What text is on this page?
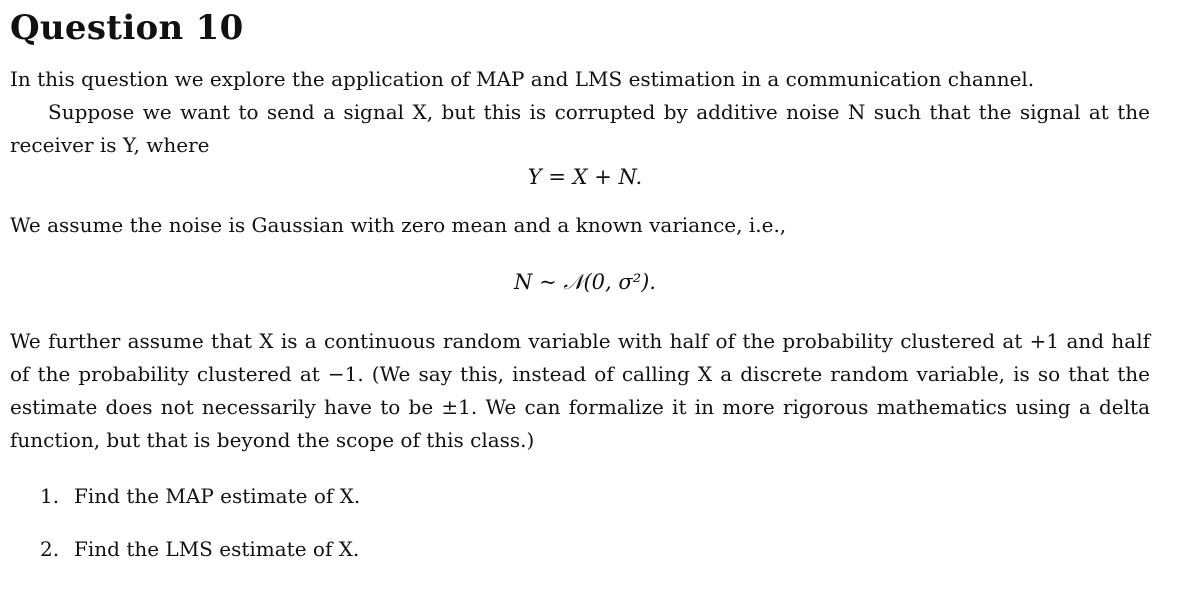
Question 10

In this question we explore the application of MAP and LMS estimation in a communication channel.

Suppose we want to send a signal X, but this is corrupted by additive noise N such that the signal at the receiver is Y, where

Y = X + N.

We assume the noise is Gaussian with zero mean and a known variance, i.e.,

N ~ 𝒩(0, σ²).

We further assume that X is a continuous random variable with half of the probability clustered at +1 and half of the probability clustered at −1. (We say this, instead of calling X a discrete random variable, is so that the estimate does not necessarily have to be ±1. We can formalize it in more rigorous mathematics using a delta function, but that is beyond the scope of this class.)

1. Find the MAP estimate of X.
2. Find the LMS estimate of X.
